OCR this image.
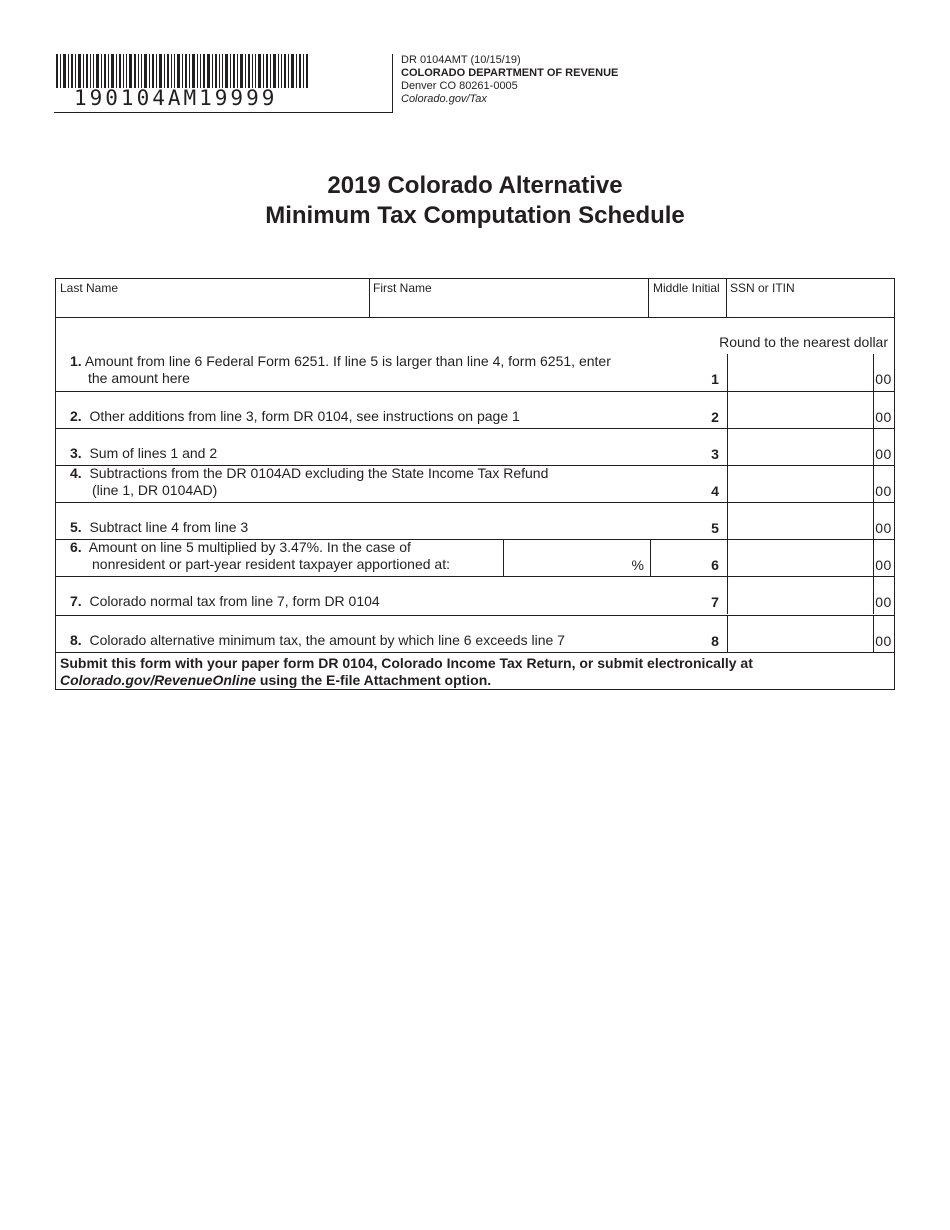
190104AM19999
DR 0104AMT (10/15/19)
COLORADO DEPARTMENT OF REVENUE
Denver CO 80261-0005
Colorado.gov/Tax
2019 Colorado Alternative
Minimum Tax Computation Schedule
Last Name	First Name	Middle Initial SSN or ITIN
Round to the nearest dollar
1. Amount from line 6 Federal Form 6251. If line 5 is larger than line 4, form 6251, enter
the amount here	1	00
2. Other additions from line 3, form DR 0104, see instructions on page 1	2	00
3. Sum of lines 1 and 2	3	00
4. Subtractions from the DR 0104AD excluding the State Income Tax Refund
(line 1, DR 0104AD)	4	00
5. Subtract line 4 from line 3	5	00
6. Amount on line 5 multiplied by 3.47%. In the case of
nonresident or part-year resident taxpayer apportioned at:	%	6	00
7. Colorado normal tax from line 7, form DR 0104	7	00
8. Colorado alternative minimum tax, the amount by which line 6 exceeds line 7	8	00
Submit this form with your paper form DR 0104, Colorado Income Tax Return, or submit electronically at
Colorado.gov/RevenueOnline using the E-file Attachment option.
